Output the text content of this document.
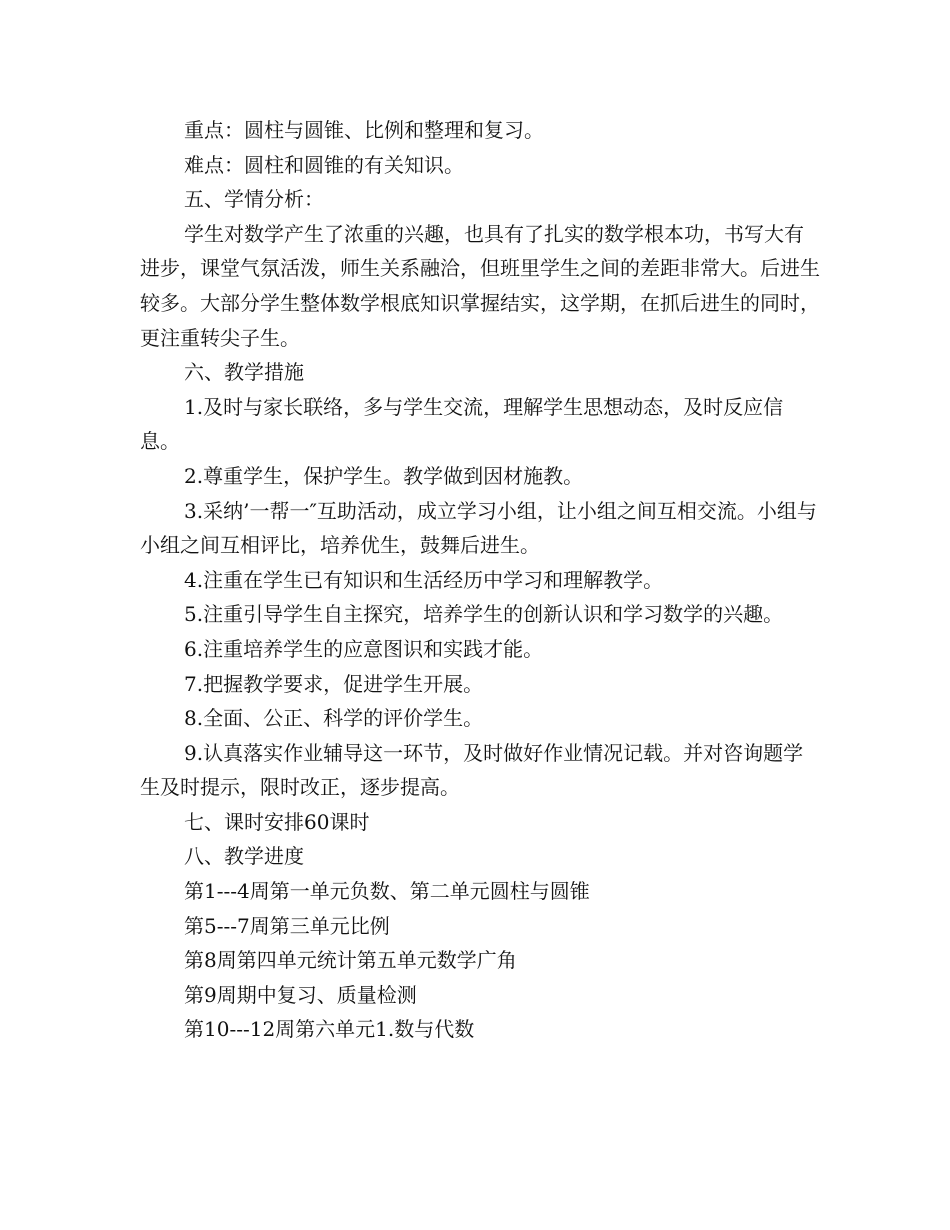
重点：圆柱与圆锥、比例和整理和复习。

难点：圆柱和圆锥的有关知识。

五、学情分析：

学生对数学产生了浓重的兴趣，也具有了扎实的数学根本功，书写大有进步，课堂气氛活泼，师生关系融洽，但班里学生之间的差距非常大。后进生较多。大部分学生整体数学根底知识掌握结实，这学期，在抓后进生的同时，更注重转尖子生。

六、教学措施

1.及时与家长联络，多与学生交流，理解学生思想动态，及时反应信息。

2.尊重学生，保护学生。教学做到因材施教。

3.采纳’一帮一″互助活动，成立学习小组，让小组之间互相交流。小组与小组之间互相评比，培养优生，鼓舞后进生。

4.注重在学生已有知识和生活经历中学习和理解教学。

5.注重引导学生自主探究，培养学生的创新认识和学习数学的兴趣。

6.注重培养学生的应意图识和实践才能。

7.把握教学要求，促进学生开展。

8.全面、公正、科学的评价学生。

9.认真落实作业辅导这一环节，及时做好作业情况记载。并对咨询题学生及时提示，限时改正，逐步提高。

七、课时安排60课时

八、教学进度

第1---4周第一单元负数、第二单元圆柱与圆锥

第5---7周第三单元比例

第8周第四单元统计第五单元数学广角

第9周期中复习、质量检测

第10---12周第六单元1.数与代数
